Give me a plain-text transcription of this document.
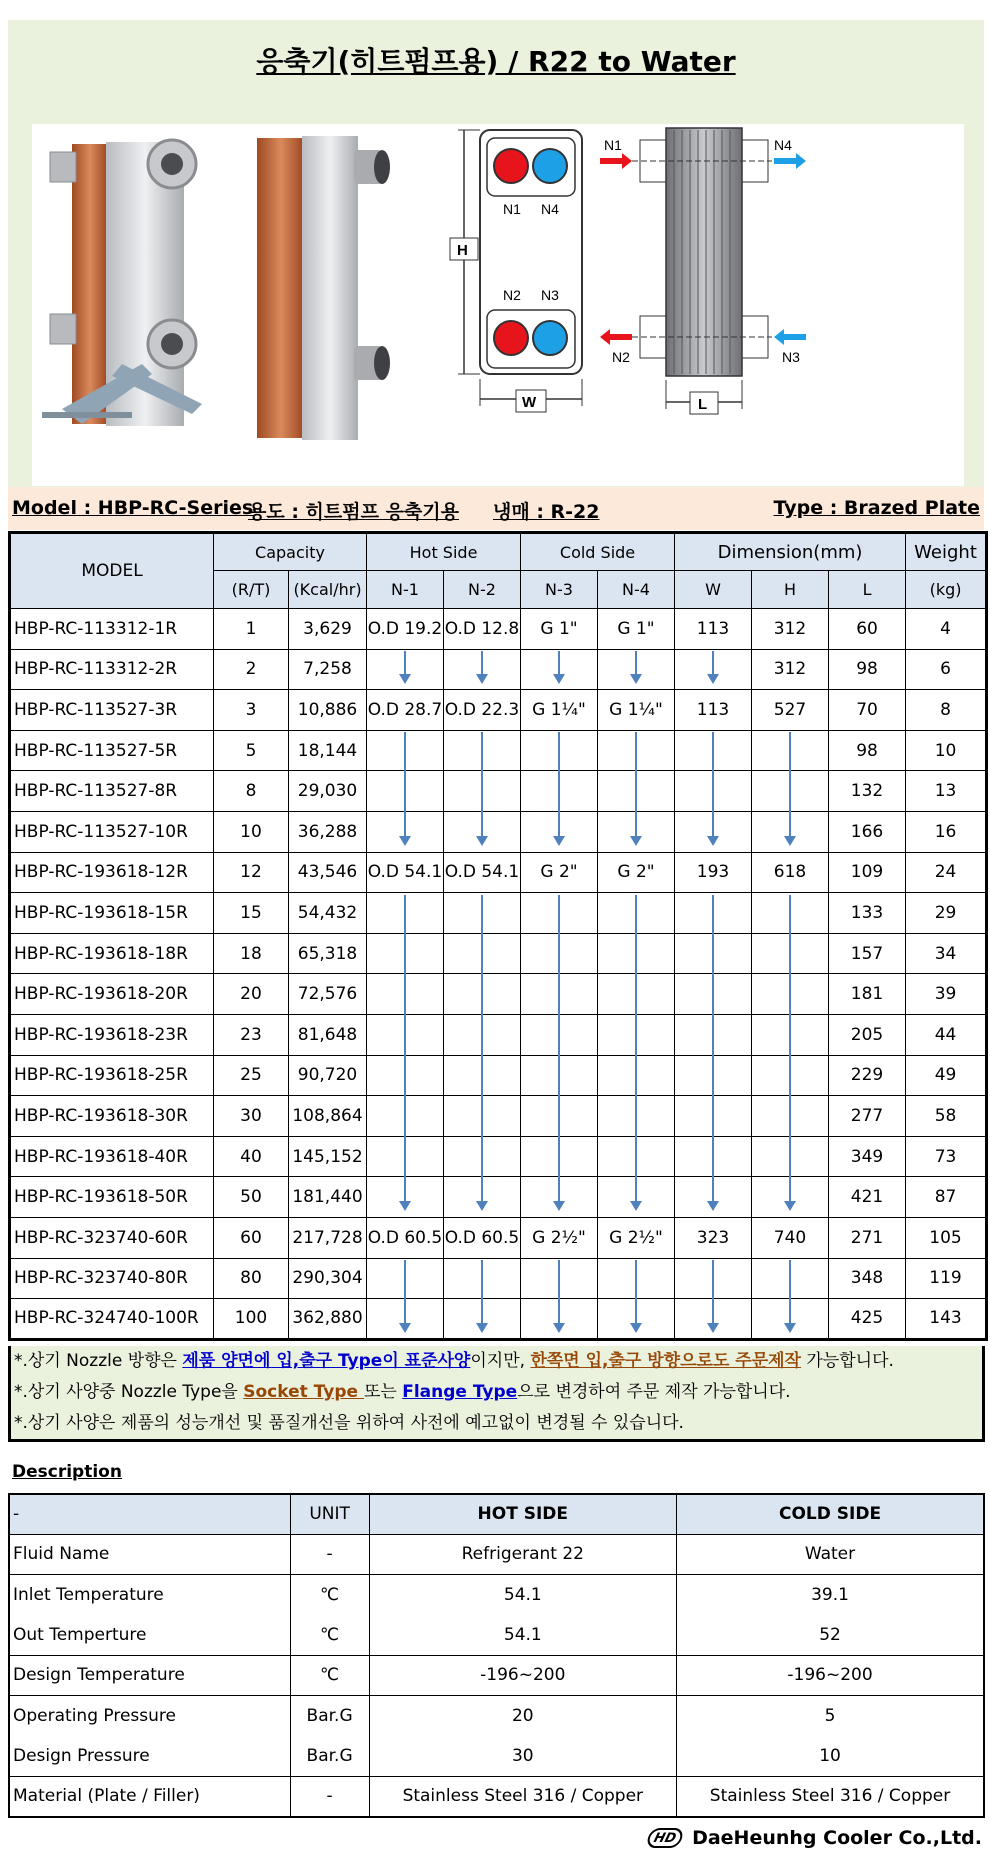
응축기(히트펌프용) / R22 to Water
N1 N4
N2 N3
H
W
N1	N4
N2	N3
L
Model : HBP-RC-Series
용도 : 히트펌프 응축기용 냉매 : R-22	Type : Brazed Plate
MODEL	Capacity		Hot Side		Cold Side		Dimension(mm)			Weight
	(R/T)	(Kcal/hr)	N-1	N-2	N-3	N-4	W	H	L	(kg)
HBP-RC-113312-1R	1	3,629	O.D 19.2	O.D 12.8	G 1"	G 1"	113	312	60	4
HBP-RC-113312-2R	2	7,258						312	98	6
HBP-RC-113527-3R	3	10,886	O.D 28.7	O.D 22.3	G 1¼"	G 1¼"	113	527	70	8
HBP-RC-113527-5R	5	18,144							98	10
HBP-RC-113527-8R	8	29,030							132	13
HBP-RC-113527-10R	10	36,288							166	16
HBP-RC-193618-12R	12	43,546	O.D 54.1	O.D 54.1	G 2"	G 2"	193	618	109	24
HBP-RC-193618-15R	15	54,432							133	29
HBP-RC-193618-18R	18	65,318							157	34
HBP-RC-193618-20R	20	72,576							181	39
HBP-RC-193618-23R	23	81,648							205	44
HBP-RC-193618-25R	25	90,720							229	49
HBP-RC-193618-30R	30	108,864							277	58
HBP-RC-193618-40R	40	145,152							349	73
HBP-RC-193618-50R	50	181,440							421	87
HBP-RC-323740-60R	60	217,728	O.D 60.5	O.D 60.5	G 2½"	G 2½"	323	740	271	105
HBP-RC-323740-80R	80	290,304							348	119
HBP-RC-324740-100R	100	362,880							425	143
*.상기 Nozzle 방향은 제품 양면에 입,출구 Type이 표준사양이지만, 한쪽면 입,출구 방향으로도 주문제작 가능합니다.
*.상기 사양중 Nozzle Type을 Socket Type 또는 Flange Type으로 변경하여 주문 제작 가능합니다.
*.상기 사양은 제품의 성능개선 및 품질개선을 위하여 사전에 예고없이 변경될 수 있습니다.
Description
-	UNIT	HOT SIDE	COLD SIDE
Fluid Name	-	Refrigerant 22	Water
Inlet Temperature	℃	54.1	39.1
Out Temperture	℃	54.1	52
Design Temperature	℃	-196~200	-196~200
Operating Pressure	Bar.G	20	5
Design Pressure	Bar.G	30	10
Material (Plate / Filler)	-	Stainless Steel 316 / Copper	Stainless Steel 316 / Copper
HD DaeHeunhg Cooler Co.,Ltd.
